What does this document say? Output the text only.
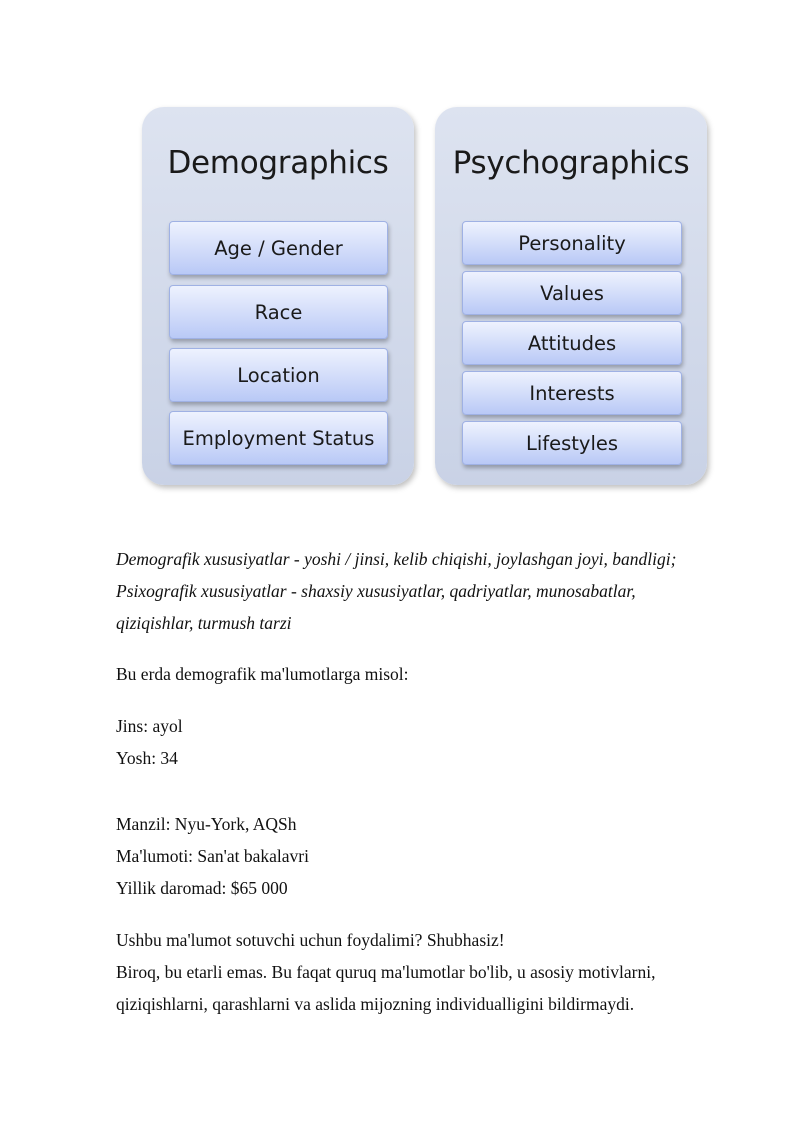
Demographics
Age / Gender
Race
Location
Employment Status
Psychographics
Personality
Values
Attitudes
Interests
Lifestyles
Demografik xususiyatlar - yoshi / jinsi, kelib chiqishi, joylashgan joyi, bandligi;
Psixografik xususiyatlar - shaxsiy xususiyatlar, qadriyatlar, munosabatlar,
qiziqishlar, turmush tarzi
Bu erda demografik ma'lumotlarga misol:
Jins: ayol
Yosh: 34
Manzil: Nyu-York, AQSh
Ma'lumoti: San'at bakalavri
Yillik daromad: $65 000
Ushbu ma'lumot sotuvchi uchun foydalimi? Shubhasiz!
Biroq, bu etarli emas. Bu faqat quruq ma'lumotlar bo'lib, u asosiy motivlarni,
qiziqishlarni, qarashlarni va aslida mijozning individualligini bildirmaydi.
